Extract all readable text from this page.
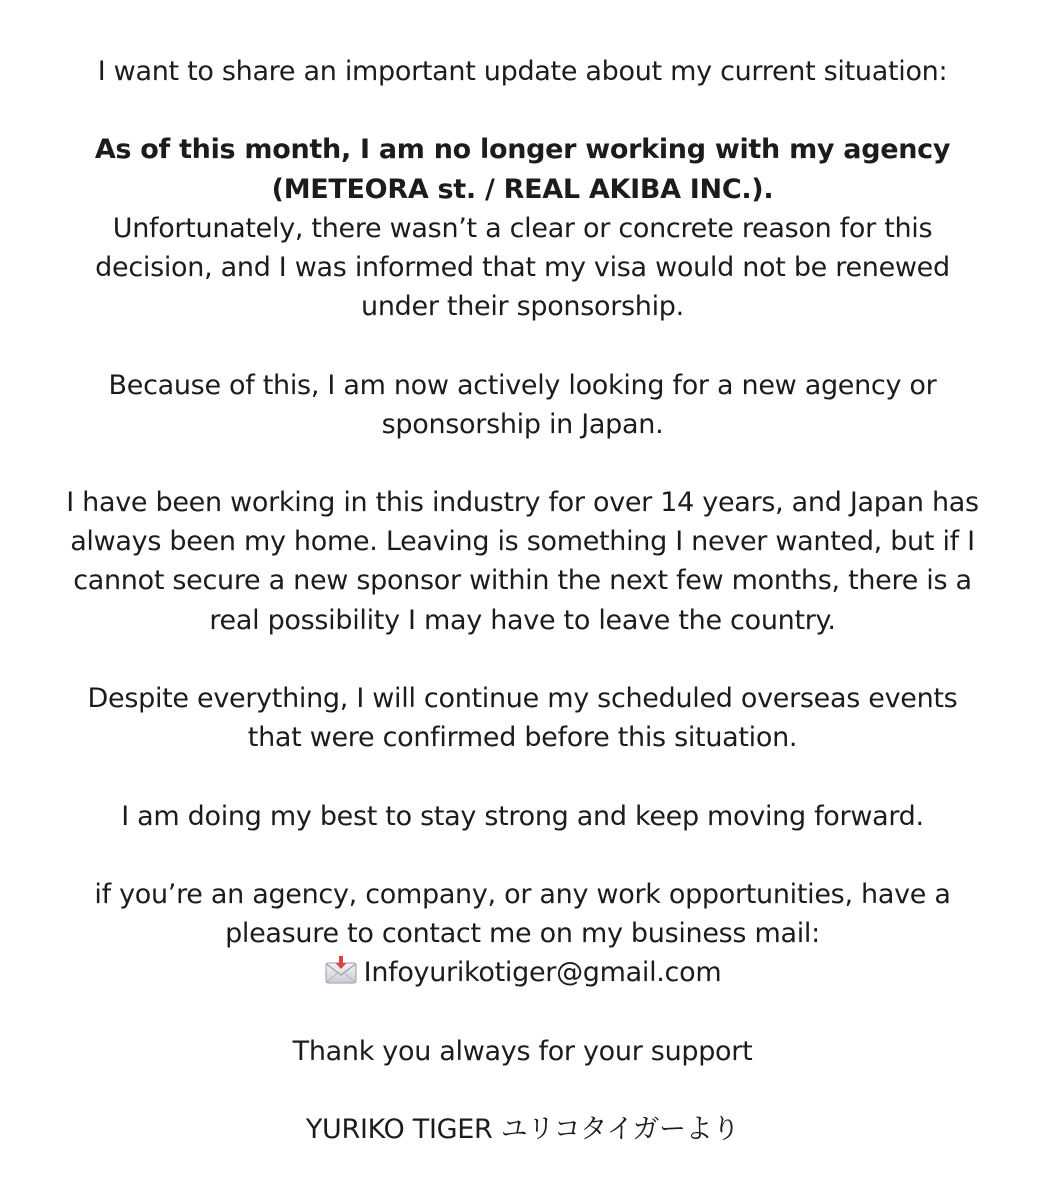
I want to share an important update about my current situation:
As of this month, I am no longer working with my agency
(METEORA st. / REAL AKIBA INC.).
Unfortunately, there wasn’t a clear or concrete reason for this
decision, and I was informed that my visa would not be renewed
under their sponsorship.
Because of this, I am now actively looking for a new agency or
sponsorship in Japan.
I have been working in this industry for over 14 years, and Japan has
always been my home. Leaving is something I never wanted, but if I
cannot secure a new sponsor within the next few months, there is a
real possibility I may have to leave the country.
Despite everything, I will continue my scheduled overseas events
that were confirmed before this situation.
I am doing my best to stay strong and keep moving forward.
if you’re an agency, company, or any work opportunities, have a
pleasure to contact me on my business mail:
Infoyurikotiger@gmail.com
Thank you always for your support
YURIKO TIGER ユリコタイガーより
